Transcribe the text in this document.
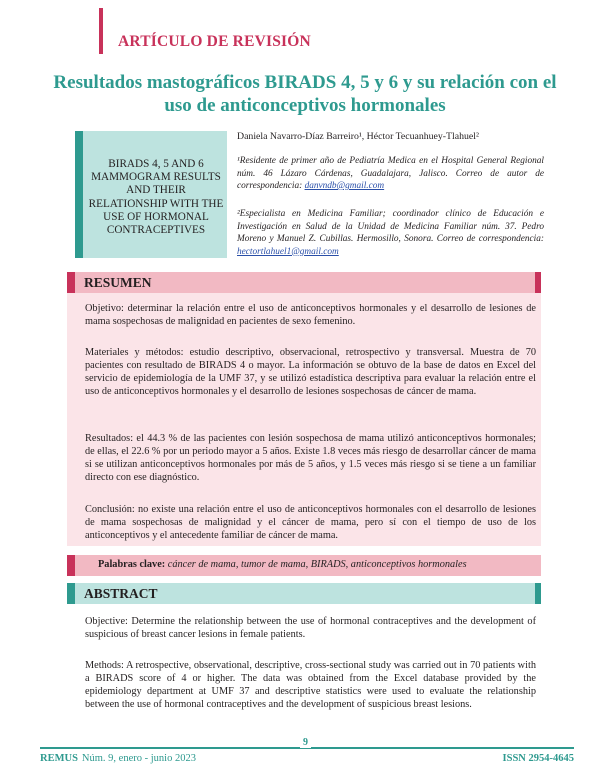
ARTÍCULO DE REVISIÓN
Resultados mastográficos BIRADS 4, 5 y 6 y su relación con el uso de anticonceptivos hormonales
BIRADS 4, 5 AND 6 MAMMOGRAM RESULTS AND THEIR RELATIONSHIP WITH THE USE OF HORMONAL CONTRACEPTIVES
Daniela Navarro-Díaz Barreiro¹, Héctor Tecuanhuey-Tlahuel²
¹Residente de primer año de Pediatría Medica en el Hospital General Regional núm. 46 Lázaro Cárdenas, Guadalajara, Jalisco. Correo de autor de correspondencia: danvndb@gmail.com
²Especialista en Medicina Familiar; coordinador clínico de Educación e Investigación en Salud de la Unidad de Medicina Familiar núm. 37. Pedro Moreno y Manuel Z. Cubillas. Hermosillo, Sonora. Correo de correspondencia: hectortlahuel1@gmail.com
RESUMEN

Objetivo: determinar la relación entre el uso de anticonceptivos hormonales y el desarrollo de lesiones de mama sospechosas de malignidad en pacientes de sexo femenino.

Materiales y métodos: estudio descriptivo, observacional, retrospectivo y transversal. Muestra de 70 pacientes con resultado de BIRADS 4 o mayor. La información se obtuvo de la base de datos en Excel del servicio de epidemiología de la UMF 37, y se utilizó estadística descriptiva para evaluar la relación entre el uso de anticonceptivos hormonales y el desarrollo de lesiones sospechosas de cáncer de mama.

Resultados: el 44.3 % de las pacientes con lesión sospechosa de mama utilizó anticonceptivos hormonales; de ellas, el 22.6 % por un periodo mayor a 5 años. Existe 1.8 veces más riesgo de desarrollar cáncer de mama si se utilizan anticonceptivos hormonales por más de 5 años, y 1.5 veces más riesgo si se tiene a un familiar directo con ese diagnóstico.

Conclusión: no existe una relación entre el uso de anticonceptivos hormonales con el desarrollo de lesiones de mama sospechosas de malignidad y el cáncer de mama, pero sí con el tiempo de uso de los anticonceptivos y el antecedente familiar de cáncer de mama.

Palabras clave: cáncer de mama, tumor de mama, BIRADS, anticonceptivos hormonales
ABSTRACT

Objective: Determine the relationship between the use of hormonal contraceptives and the development of suspicious of breast cancer lesions in female patients.

Methods: A retrospective, observational, descriptive, cross-sectional study was carried out in 70 patients with a BIRADS score of 4 or higher. The data was obtained from the Excel database provided by the epidemiology department at UMF 37 and descriptive statistics were used to evaluate the relationship between the use of hormonal contraceptives and the development of suspicious breast lesions.

9
REMUS Núm. 9, enero - junio 2023	ISSN 2954-4645
